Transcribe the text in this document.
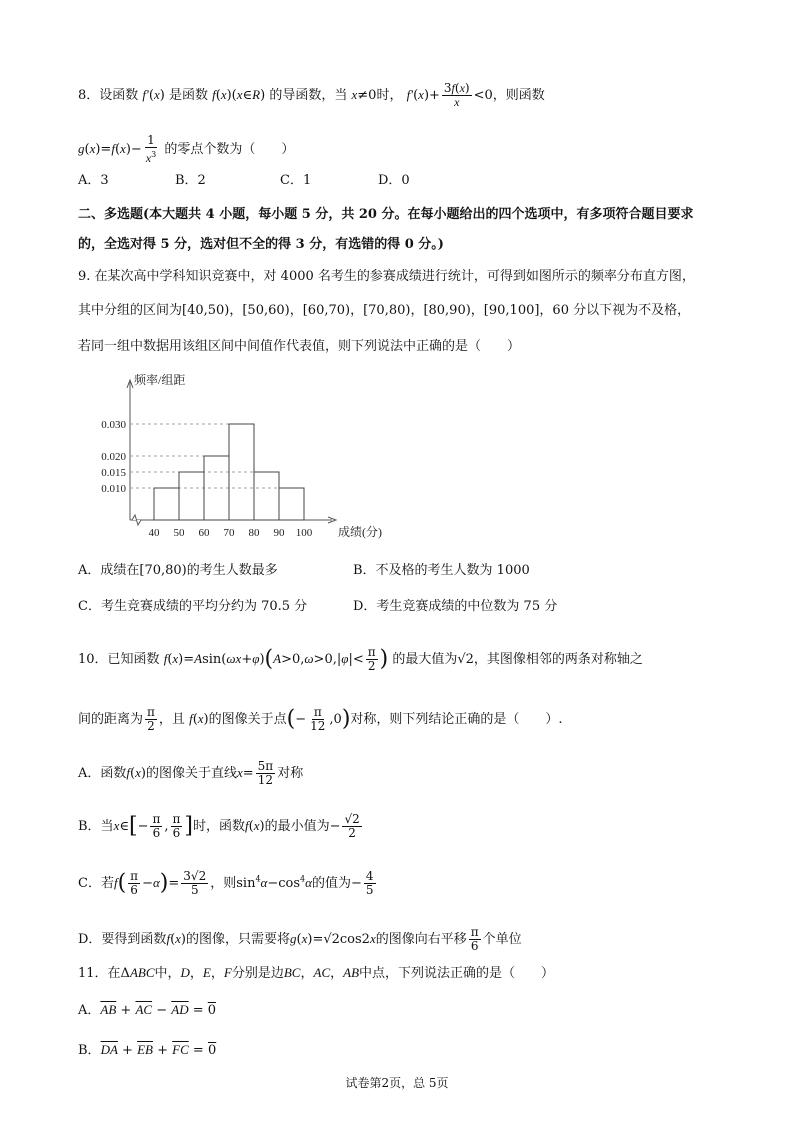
8．设函数 f′(x) 是函数 f(x)(x∈R) 的导函数，当 x≠0时， $f'(x)+ \frac{3f(x)}{x} <0$，则函数
$g(x)=f(x)- \frac{1}{x^3}$ 的零点个数为（　　）
A．3	B．2	C．1	D．0
二、多选题(本大题共 4 小题，每小题 5 分，共 20 分。在每小题给出的四个选项中，有多项符合题目要求
的，全选对得 5 分，选对但不全的得 3 分，有选错的得 0 分。)
9. 在某次高中学科知识竞赛中，对 4000 名考生的参赛成绩进行统计，可得到如图所示的频率分布直方图，
其中分组的区间为[40,50)，[50,60)，[60,70)，[70,80)，[80,90)，[90,100]，60 分以下视为不及格，
若同一组中数据用该组区间中间值作代表值，则下列说法中正确的是（　　）
0.010
0.015
0.020
0.030
40 50 60 70 80 90 100
频率/组距
成绩(分)
A．成绩在[70,80)的考生人数最多	B．不及格的考生人数为 1000
C．考生竞赛成绩的平均分约为 70.5 分	D．考生竞赛成绩的中位数为 75 分
10．已知函数 $f(x)=Asin(\omega x+\varphi)(A>0,\omega>0,|\varphi|< \frac{\pi}{2}$ ) 的最大值为√2，其图像相邻的两条对称轴之
间的距离为 $\frac{\pi}{2}$ ，且 f(x)的图像关于点(− $\frac{\pi}{12} ,0$)对称，则下列结论正确的是（　　）.
A．函数f(x)的图像关于直线$x= \frac{5\pi}{12}$ 对称
B．当x∈[− $\frac{\pi}{6}$ , $\frac{\pi}{6}$ ]时，函数f(x)的最小值为− $\frac{√2}{2}$
C．若$f( \frac{\pi}{6} -\alpha)= \frac{3√2}{5}$ ，则$\sin^4\alpha-\cos^4\alpha$的值为− $\frac{4}{5}$
D．要得到函数f(x)的图像，只需要将g(x)=√2cos2x的图像向右平移 $\frac{\pi}{6}$ 个单位
11．在ΔABC中，D，E，F分别是边BC，AC，AB中点，下列说法正确的是（　　）
A．$\overline{AB} + \overline{AC} - \overline{AD} = 0$
B．$\overline{DA} + \overline{EB} + \overline{FC} = 0$
试卷第2页，总 5页
